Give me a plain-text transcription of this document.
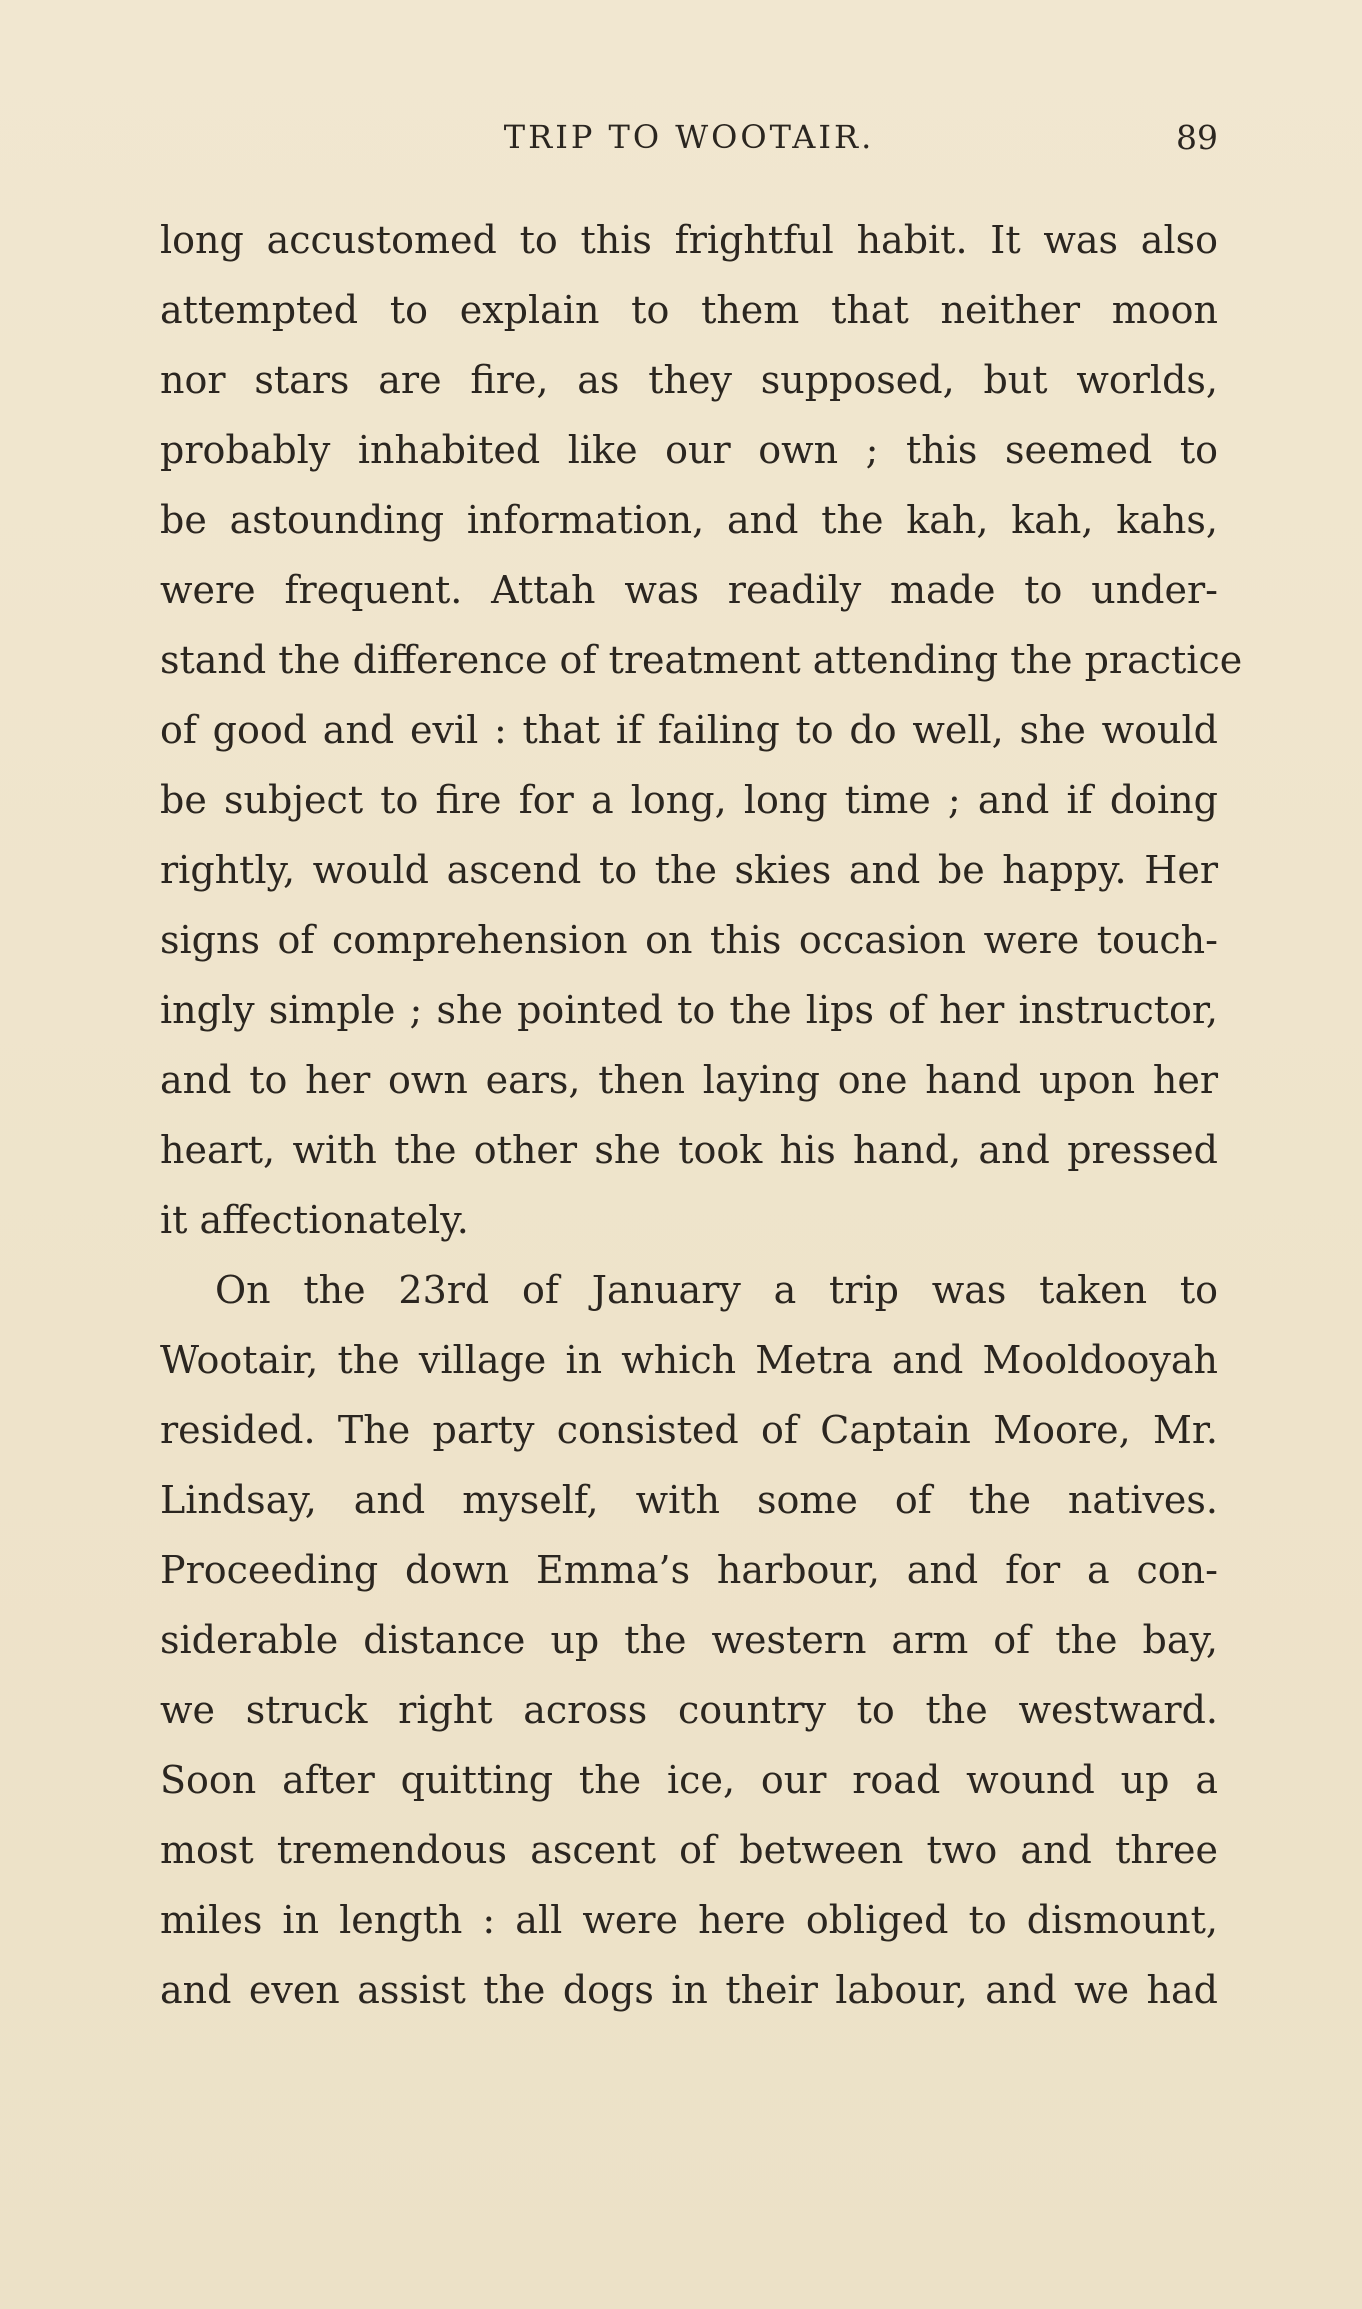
TRIP TO WOOTAIR.	89
long accustomed to this frightful habit. It was also
attempted to explain to them that neither moon
nor stars are fire, as they supposed, but worlds,
probably inhabited like our own ; this seemed to
be astounding information, and the kah, kah, kahs,
were frequent. Attah was readily made to under-
stand the difference of treatment attending the practice
of good and evil : that if failing to do well, she would
be subject to fire for a long, long time ; and if doing
rightly, would ascend to the skies and be happy. Her
signs of comprehension on this occasion were touch-
ingly simple ; she pointed to the lips of her instructor,
and to her own ears, then laying one hand upon her
heart, with the other she took his hand, and pressed
it affectionately.
On the 23rd of January a trip was taken to
Wootair, the village in which Metra and Mooldooyah
resided. The party consisted of Captain Moore, Mr.
Lindsay, and myself, with some of the natives.
Proceeding down Emma’s harbour, and for a con-
siderable distance up the western arm of the bay,
we struck right across country to the westward.
Soon after quitting the ice, our road wound up a
most tremendous ascent of between two and three
miles in length : all were here obliged to dismount,
and even assist the dogs in their labour, and we had
